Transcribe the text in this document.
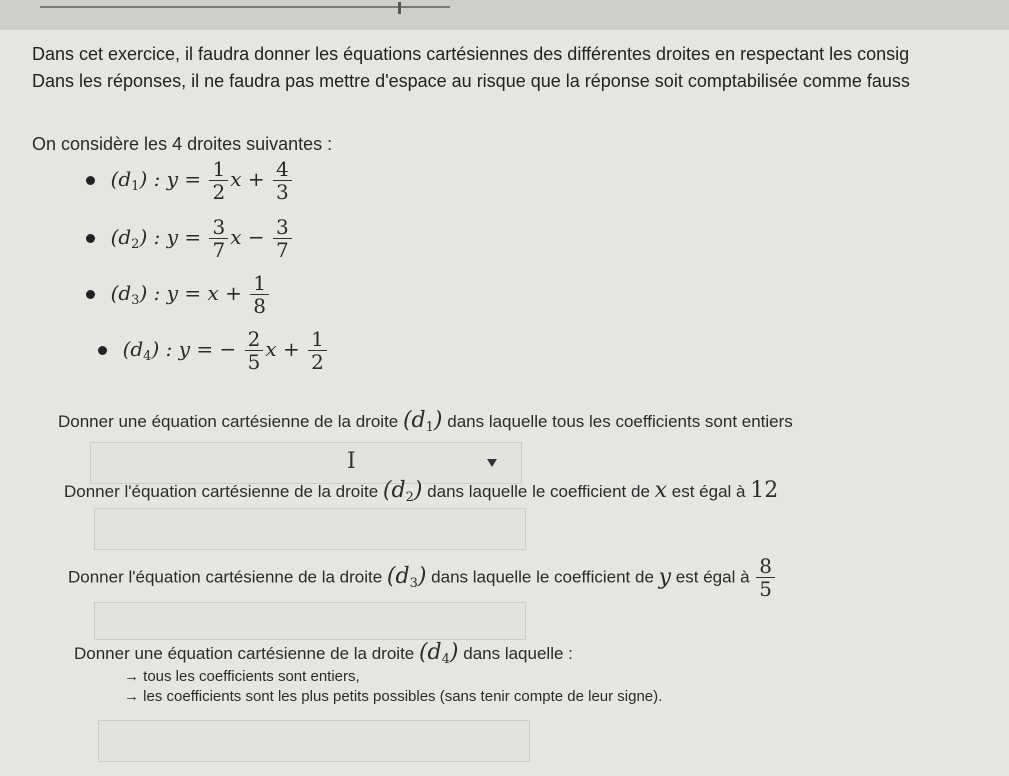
Dans cet exercice, il faudra donner les équations cartésiennes des différentes droites en respectant les consig
Dans les réponses, il ne faudra pas mettre d'espace au risque que la réponse soit comptabilisée comme fauss
On considère les 4 droites suivantes :
$(d_1)$ : $y = \frac{1}{2}$ $x + \frac{4}{3}$
$(d_2)$ : $y = \frac{3}{7}$ $x - \frac{3}{7}$
$(d_3)$ : $y = x + \frac{1}{8}$
$(d_4)$ : y = − $\frac{2}{5}$ $x + \frac{1}{2}$
Donner une équation cartésienne de la droite $(d_1)$ dans laquelle tous les coefficients sont entiers
I
Donner l'équation cartésienne de la droite $(d_2)$ dans laquelle le coefficient de x est égal à 12
Donner l'équation cartésienne de la droite $(d_3)$ dans laquelle le coefficient de y est égal à $\frac{8}{5}$
Donner une équation cartésienne de la droite $(d_4)$ dans laquelle :
→ tous les coefficients sont entiers,
→ les coefficients sont les plus petits possibles (sans tenir compte de leur signe).
